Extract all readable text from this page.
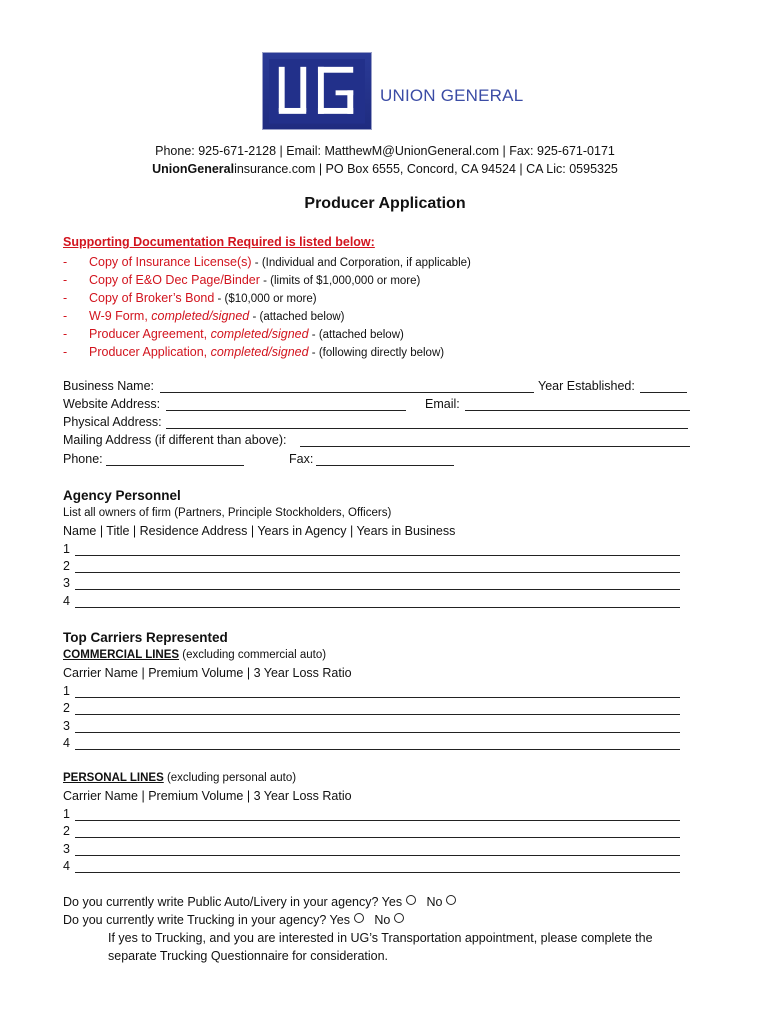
UNION GENERAL
Phone: 925-671-2128 | Email: MatthewM@UnionGeneral.com | Fax: 925-671-0171
UnionGeneralinsurance.com | PO Box 6555, Concord, CA 94524 | CA Lic: 0595325
Producer Application
Supporting Documentation Required is listed below:
- Copy of Insurance License(s) - (Individual and Corporation, if applicable)
- Copy of E&O Dec Page/Binder - (limits of $1,000,000 or more)
- Copy of Broker’s Bond - ($10,000 or more)
- W-9 Form, completed/signed - (attached below)
- Producer Agreement, completed/signed - (attached below)
- Producer Application, completed/signed - (following directly below)
Business Name:	Year Established:
Website Address:	Email:
Physical Address:
Mailing Address (if different than above):
Phone:	Fax:
Agency Personnel
List all owners of firm (Partners, Principle Stockholders, Officers)
Name | Title | Residence Address | Years in Agency | Years in Business
1
2
3
4
Top Carriers Represented
COMMERCIAL LINES (excluding commercial auto)
Carrier Name | Premium Volume | 3 Year Loss Ratio
1
2
3
4
PERSONAL LINES (excluding personal auto)
Carrier Name | Premium Volume | 3 Year Loss Ratio
1
2
3
4
Do you currently write Public Auto/Livery in your agency? Yes No
Do you currently write Trucking in your agency? Yes No
If yes to Trucking, and you are interested in UG’s Transportation appointment, please complete the
separate Trucking Questionnaire for consideration.
